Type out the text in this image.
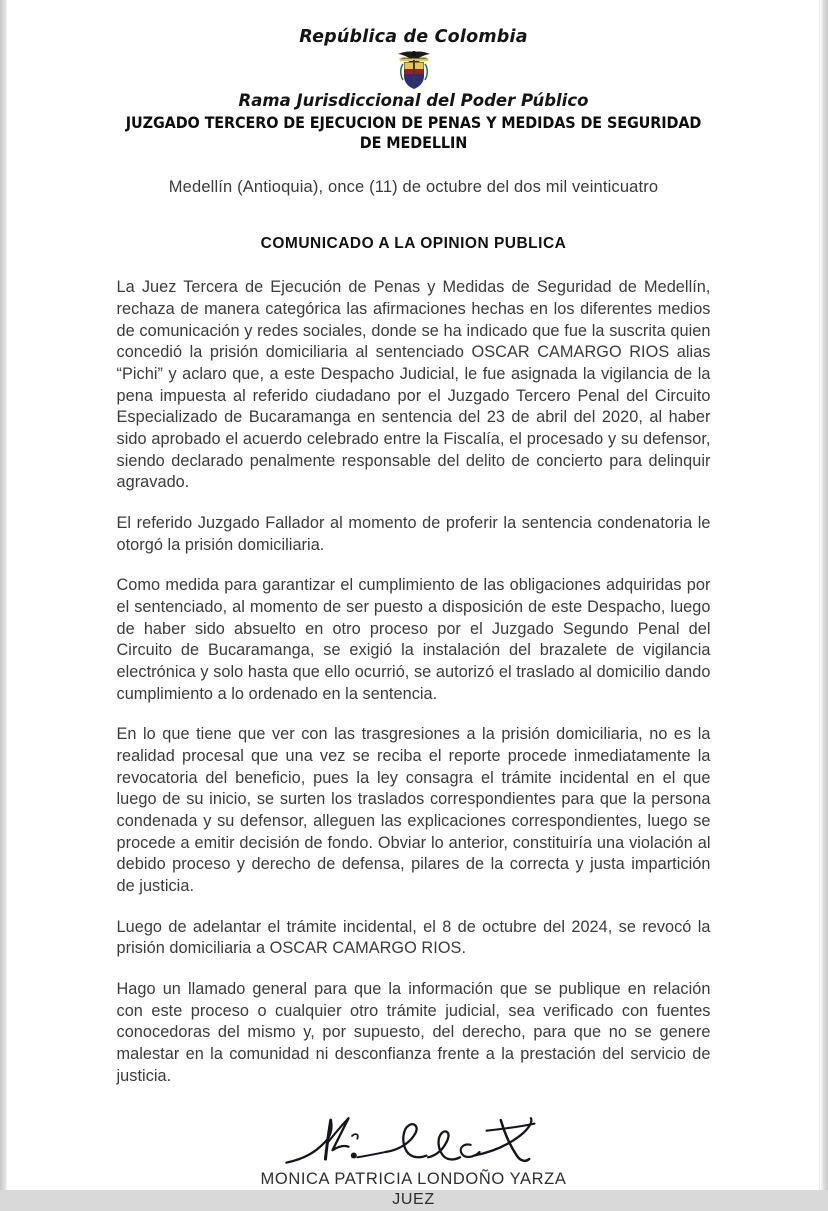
República de Colombia
Rama Jurisdiccional del Poder Público
JUZGADO TERCERO DE EJECUCION DE PENAS Y MEDIDAS DE SEGURIDAD DE MEDELLIN
Medellín (Antioquia), once (11) de octubre del dos mil veinticuatro
COMUNICADO A LA OPINION PUBLICA

La Juez Tercera de Ejecución de Penas y Medidas de Seguridad de Medellín, rechaza de manera categórica las afirmaciones hechas en los diferentes medios de comunicación y redes sociales, donde se ha indicado que fue la suscrita quien concedió la prisión domiciliaria al sentenciado OSCAR CAMARGO RIOS alias “Pichi” y aclaro que, a este Despacho Judicial, le fue asignada la vigilancia de la pena impuesta al referido ciudadano por el Juzgado Tercero Penal del Circuito Especializado de Bucaramanga en sentencia del 23 de abril del 2020, al haber sido aprobado el acuerdo celebrado entre la Fiscalía, el procesado y su defensor, siendo declarado penalmente responsable del delito de concierto para delinquir agravado.

El referido Juzgado Fallador al momento de proferir la sentencia condenatoria le otorgó la prisión domiciliaria.

Como medida para garantizar el cumplimiento de las obligaciones adquiridas por el sentenciado, al momento de ser puesto a disposición de este Despacho, luego de haber sido absuelto en otro proceso por el Juzgado Segundo Penal del Circuito de Bucaramanga, se exigió la instalación del brazalete de vigilancia electrónica y solo hasta que ello ocurrió, se autorizó el traslado al domicilio dando cumplimiento a lo ordenado en la sentencia.

En lo que tiene que ver con las trasgresiones a la prisión domiciliaria, no es la realidad procesal que una vez se reciba el reporte procede inmediatamente la revocatoria del beneficio, pues la ley consagra el trámite incidental en el que luego de su inicio, se surten los traslados correspondientes para que la persona condenada y su defensor, alleguen las explicaciones correspondientes, luego se procede a emitir decisión de fondo. Obviar lo anterior, constituiría una violación al debido proceso y derecho de defensa, pilares de la correcta y justa impartición de justicia.

Luego de adelantar el trámite incidental, el 8 de octubre del 2024, se revocó la prisión domiciliaria a OSCAR CAMARGO RIOS.

Hago un llamado general para que la información que se publique en relación con este proceso o cualquier otro trámite judicial, sea verificado con fuentes conocedoras del mismo y, por supuesto, del derecho, para que no se genere malestar en la comunidad ni desconfianza frente a la prestación del servicio de justicia.

MONICA PATRICIA LONDOÑO YARZA
JUEZ
